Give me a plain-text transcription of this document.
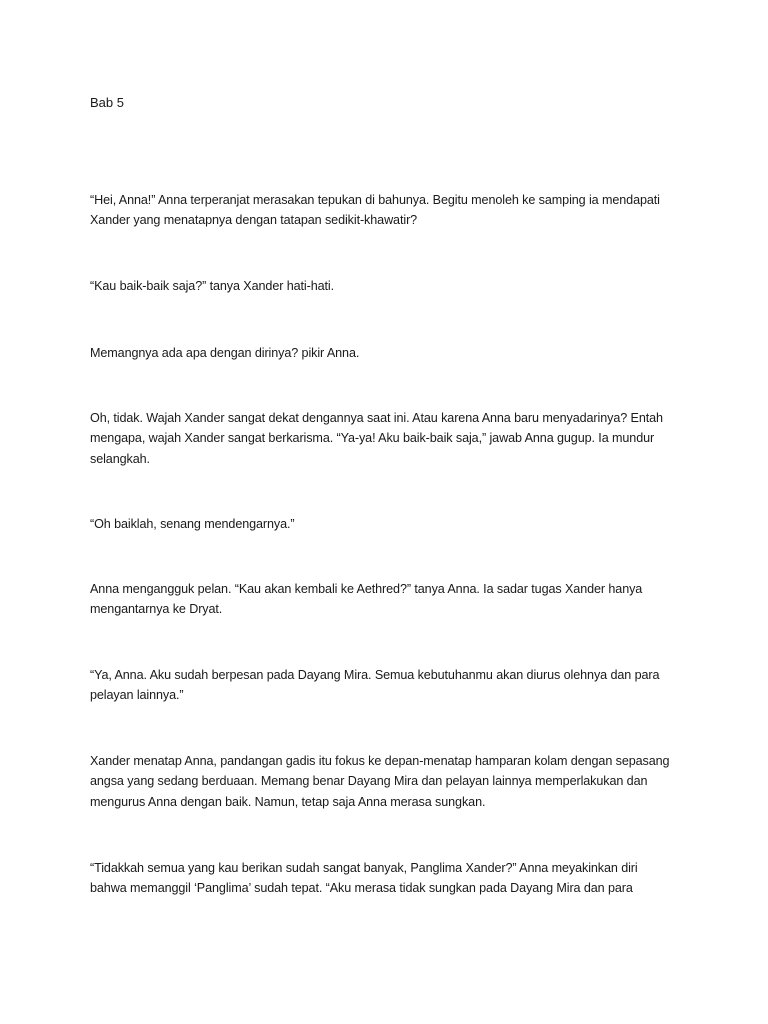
Bab 5

“Hei, Anna!” Anna terperanjat merasakan tepukan di bahunya. Begitu menoleh ke samping ia mendapati
Xander yang menatapnya dengan tatapan sedikit-khawatir?

“Kau baik-baik saja?” tanya Xander hati-hati.

Memangnya ada apa dengan dirinya? pikir Anna.

Oh, tidak. Wajah Xander sangat dekat dengannya saat ini. Atau karena Anna baru menyadarinya? Entah
mengapa, wajah Xander sangat berkarisma. “Ya-ya! Aku baik-baik saja,” jawab Anna gugup. Ia mundur
selangkah.

“Oh baiklah, senang mendengarnya.”

Anna mengangguk pelan. “Kau akan kembali ke Aethred?” tanya Anna. Ia sadar tugas Xander hanya
mengantarnya ke Dryat.

“Ya, Anna. Aku sudah berpesan pada Dayang Mira. Semua kebutuhanmu akan diurus olehnya dan para
pelayan lainnya.”

Xander menatap Anna, pandangan gadis itu fokus ke depan-menatap hamparan kolam dengan sepasang
angsa yang sedang berduaan. Memang benar Dayang Mira dan pelayan lainnya memperlakukan dan
mengurus Anna dengan baik. Namun, tetap saja Anna merasa sungkan.

“Tidakkah semua yang kau berikan sudah sangat banyak, Panglima Xander?” Anna meyakinkan diri
bahwa memanggil ‘Panglima’ sudah tepat. “Aku merasa tidak sungkan pada Dayang Mira dan para
